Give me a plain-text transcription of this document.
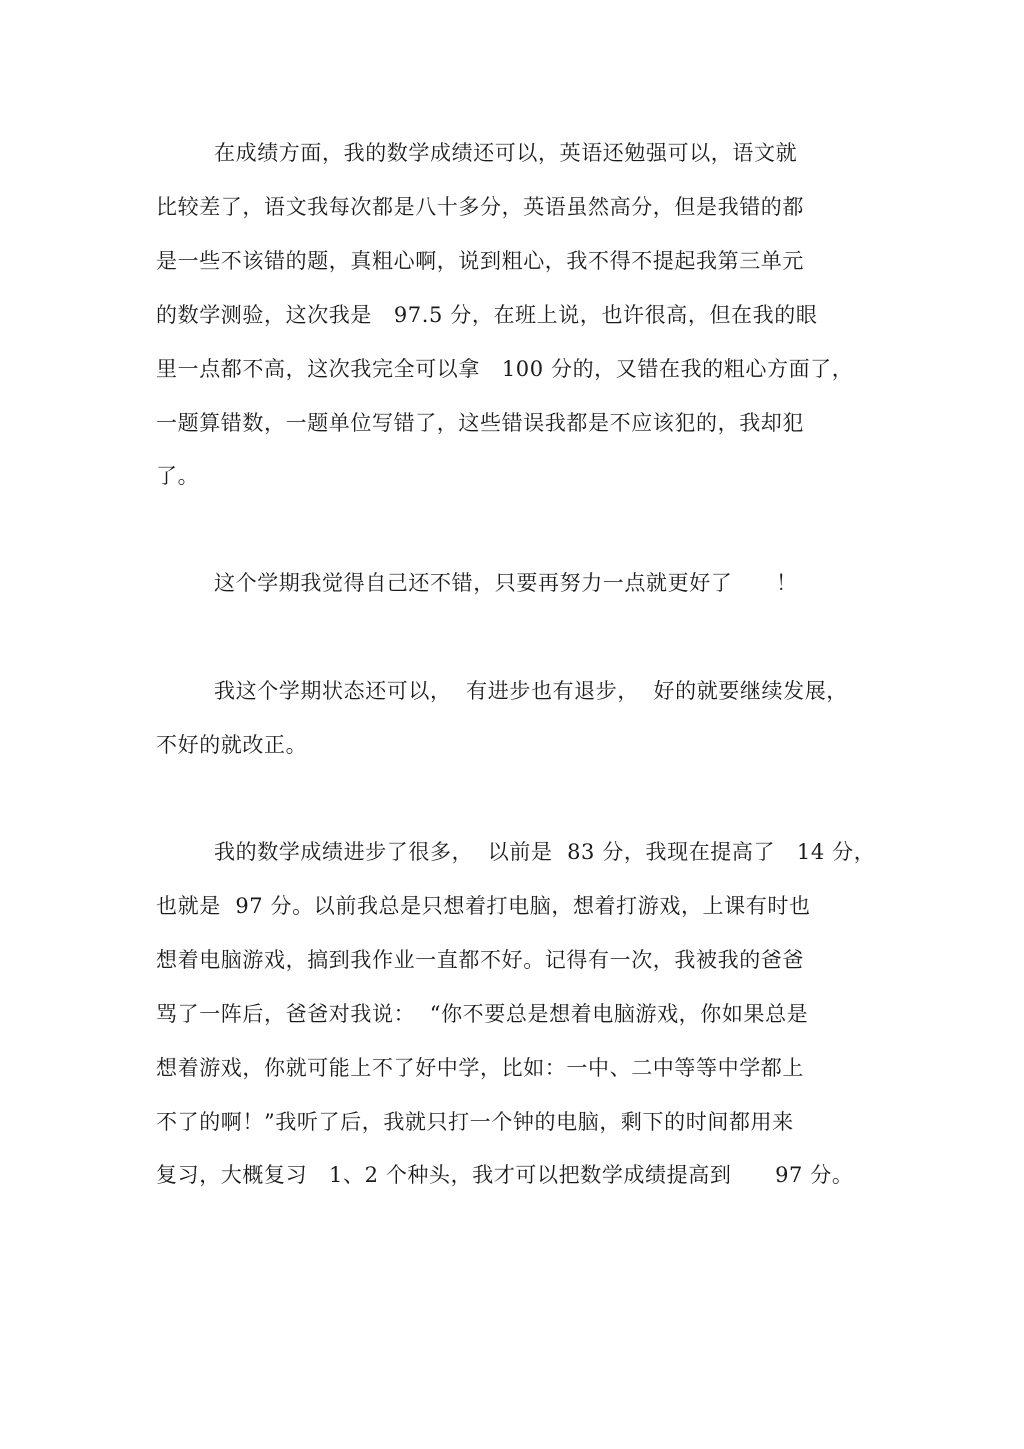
在成绩方面，我的数学成绩还可以，英语还勉强可以，语文就
比较差了，语文我每次都是八十多分，英语虽然高分，但是我错的都
是一些不该错的题，真粗心啊，说到粗心，我不得不提起我第三单元
的数学测验，这次我是   97.5 分，在班上说，也许很高，但在我的眼
里一点都不高，这次我完全可以拿   100 分的，又错在我的粗心方面了，
一题算错数，一题单位写错了，这些错误我都是不应该犯的，我却犯
了。
这个学期我觉得自己还不错，只要再努力一点就更好了      ！
我这个学期状态还可以，  有进步也有退步，  好的就要继续发展，
不好的就改正。
我的数学成绩进步了很多，  以前是  83 分，我现在提高了   14 分，
也就是  97 分。以前我总是只想着打电脑，想着打游戏，上课有时也
想着电脑游戏，搞到我作业一直都不好。记得有一次，我被我的爸爸
骂了一阵后，爸爸对我说：  “你不要总是想着电脑游戏，你如果总是
想着游戏，你就可能上不了好中学，比如：一中、二中等等中学都上
不了的啊！”我听了后，我就只打一个钟的电脑，剩下的时间都用来
复习，大概复习   1、2 个种头，我才可以把数学成绩提高到      97 分。
